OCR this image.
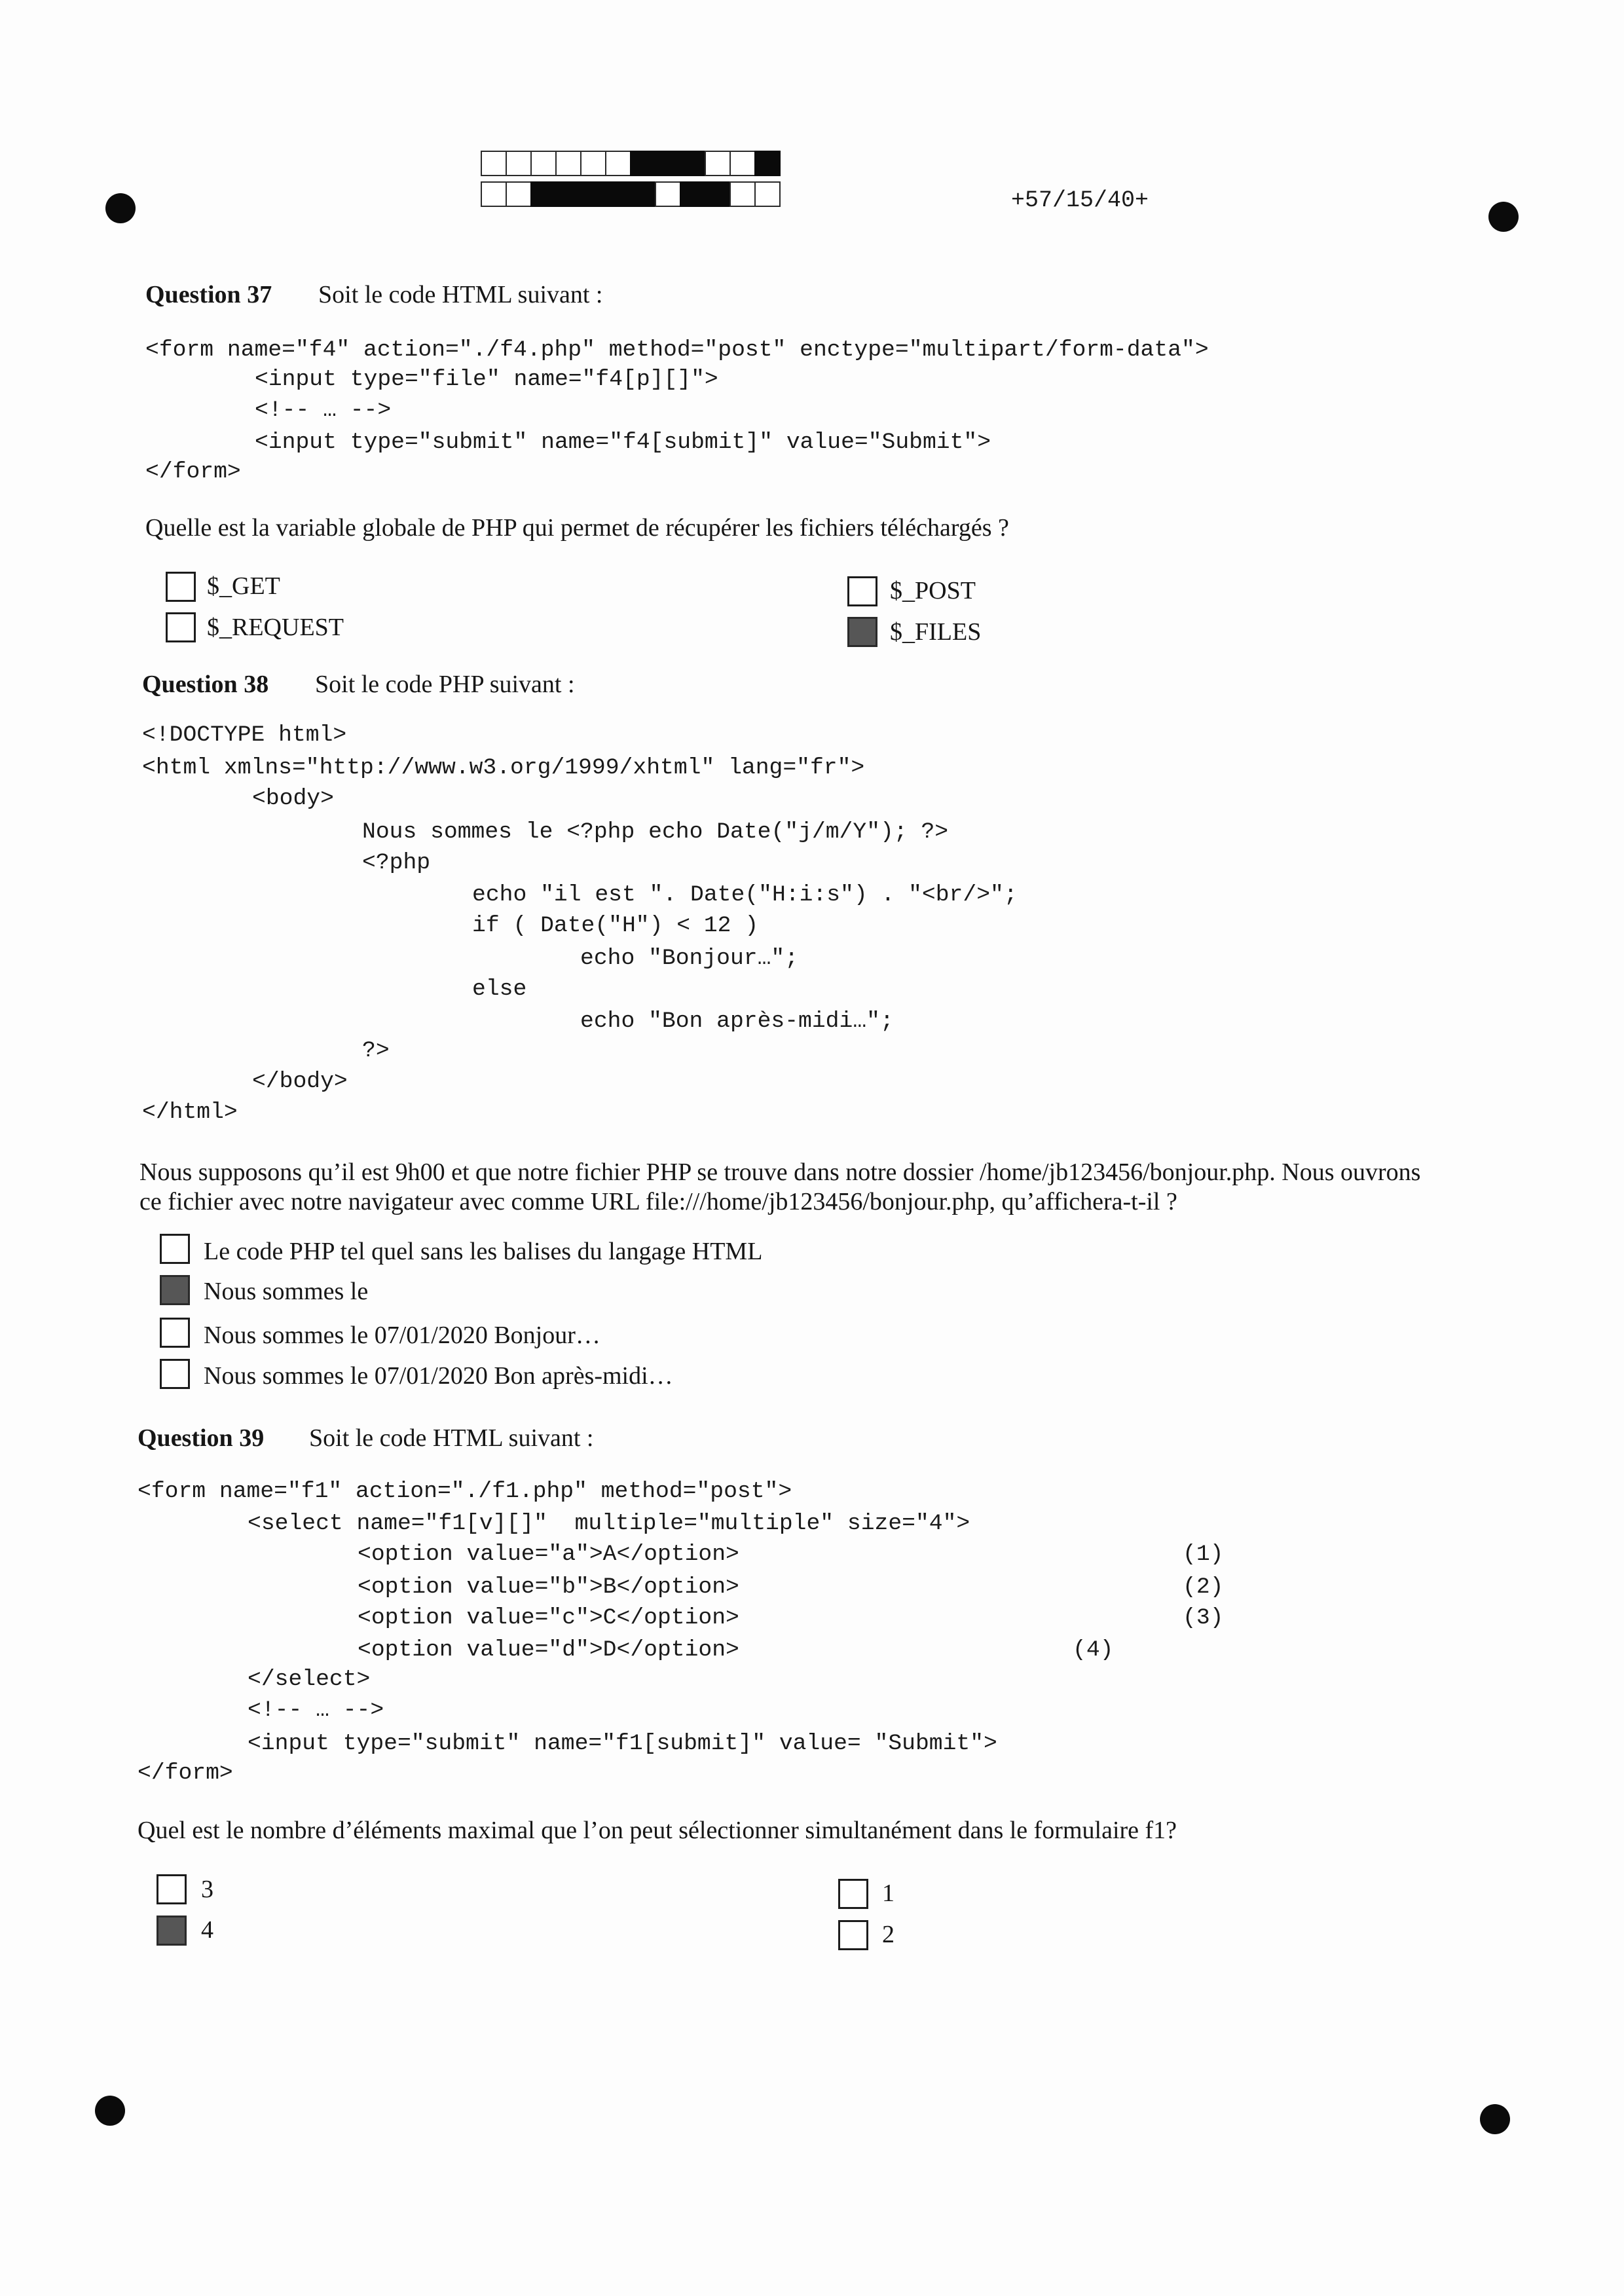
+57/15/40+
Question 37 Soit le code HTML suivant :
<form name="f4" action="./f4.php" method="post" enctype="multipart/form-data">
<input type="file" name="f4[p][]">
<!-- … -->
<input type="submit" name="f4[submit]" value="Submit">
</form>
Quelle est la variable globale de PHP qui permet de récupérer les fichiers téléchargés ?
$_GET
$_REQUEST
$_POST
$_FILES
Question 38 Soit le code PHP suivant :
<!DOCTYPE html>
<html xmlns="http://www.w3.org/1999/xhtml" lang="fr">
<body>
Nous sommes le <?php echo Date("j/m/Y"); ?>
<?php
echo "il est ". Date("H:i:s") . "<br/>";
if ( Date("H") < 12 )
echo "Bonjour…";
else
echo "Bon après-midi…";
?>
</body>
</html>
Nous supposons qu’il est 9h00 et que notre fichier PHP se trouve dans notre dossier /home/jb123456/bonjour.php. Nous ouvrons
ce fichier avec notre navigateur avec comme URL file:///home/jb123456/bonjour.php, qu’affichera-t-il ?
Le code PHP tel quel sans les balises du langage HTML
Nous sommes le
Nous sommes le 07/01/2020 Bonjour…
Nous sommes le 07/01/2020 Bon après-midi…
Question 39 Soit le code HTML suivant :
<form name="f1" action="./f1.php" method="post">
<select name="f1[v][]"  multiple="multiple" size="4">
<option value="a">A</option>
<option value="b">B</option>
<option value="c">C</option>
<option value="d">D</option>
</select>
<!-- … -->
<input type="submit" name="f1[submit]" value= "Submit">
</form>
(1)
(2)
(3)
(4)
Quel est le nombre d’éléments maximal que l’on peut sélectionner simultanément dans le formulaire f1?
3
4
1
2
